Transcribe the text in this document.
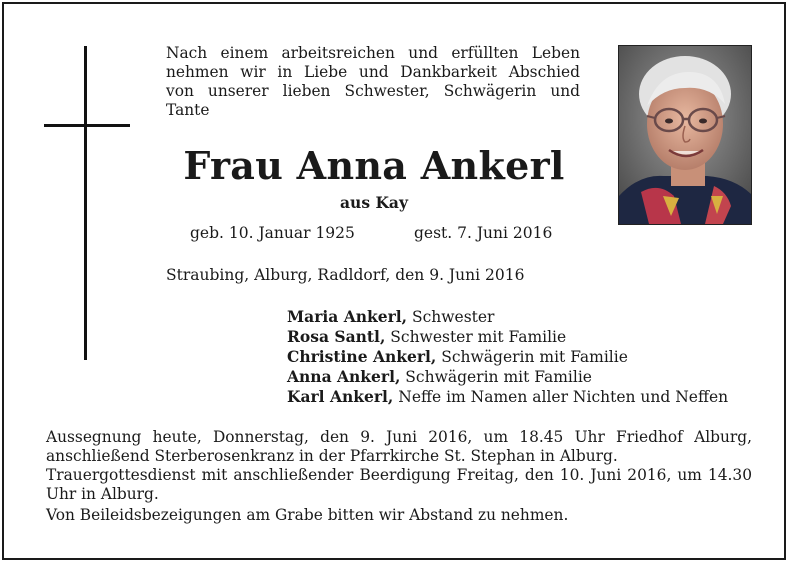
Nach einem arbeitsreichen und erfüllten Leben
nehmen wir in Liebe und Dankbarkeit Abschied
von unserer lieben Schwester, Schwägerin und
Tante

Frau Anna Ankerl
aus Kay
geb. 10. Januar 1925	gest. 7. Juni 2016
Straubing, Alburg, Radldorf, den 9. Juni 2016
Maria Ankerl, Schwester
Rosa Santl, Schwester mit Familie
Christine Ankerl, Schwägerin mit Familie
Anna Ankerl, Schwägerin mit Familie
Karl Ankerl, Neffe im Namen aller Nichten und Neffen

Aussegnung heute, Donnerstag, den 9. Juni 2016, um 18.45 Uhr Friedhof Alburg, anschließend Sterberosenkranz in der Pfarrkirche St. Stephan in Alburg.

Trauergottesdienst mit anschließender Beerdigung Freitag, den 10. Juni 2016, um 14.30 Uhr in Alburg.

Von Beileidsbezeigungen am Grabe bitten wir Abstand zu nehmen.
